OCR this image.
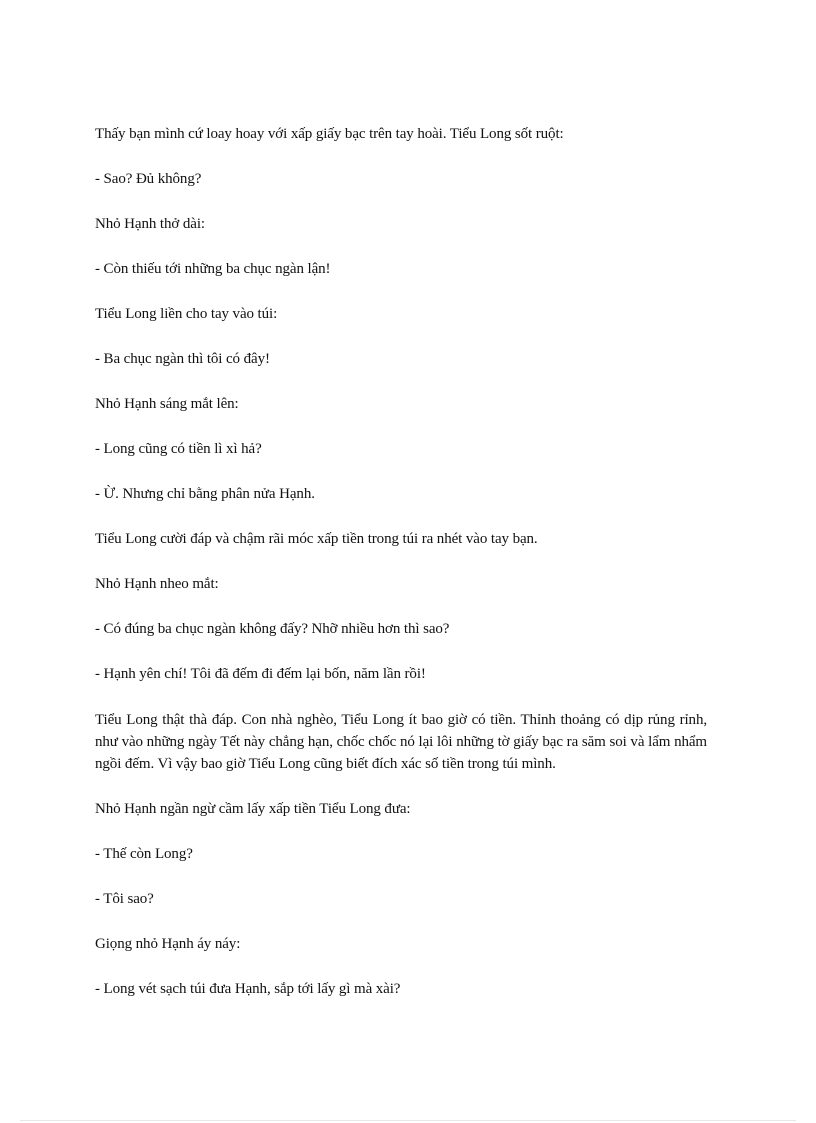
Thấy bạn mình cứ loay hoay với xấp giấy bạc trên tay hoài. Tiểu Long sốt ruột:

- Sao? Đủ không?

Nhỏ Hạnh thở dài:

- Còn thiếu tới những ba chục ngàn lận!

Tiểu Long liền cho tay vào túi:

- Ba chục ngàn thì tôi có đây!

Nhỏ Hạnh sáng mắt lên:

- Long cũng có tiền lì xì hả?

- Ừ. Nhưng chỉ bằng phân nửa Hạnh.

Tiểu Long cười đáp và chậm rãi móc xấp tiền trong túi ra nhét vào tay bạn.

Nhỏ Hạnh nheo mắt:

- Có đúng ba chục ngàn không đấy? Nhỡ nhiều hơn thì sao?

- Hạnh yên chí! Tôi đã đếm đi đếm lại bốn, năm lần rồi!

Tiểu Long thật thà đáp. Con nhà nghèo, Tiểu Long ít bao giờ có tiền. Thỉnh thoảng có dịp rủng rỉnh, như vào những ngày Tết này chẳng hạn, chốc chốc nó lại lôi những tờ giấy bạc ra săm soi và lẩm nhẩm ngồi đếm. Vì vậy bao giờ Tiểu Long cũng biết đích xác số tiền trong túi mình.

Nhỏ Hạnh ngần ngừ cầm lấy xấp tiền Tiểu Long đưa:

- Thế còn Long?

- Tôi sao?

Giọng nhỏ Hạnh áy náy:

- Long vét sạch túi đưa Hạnh, sắp tới lấy gì mà xài?
